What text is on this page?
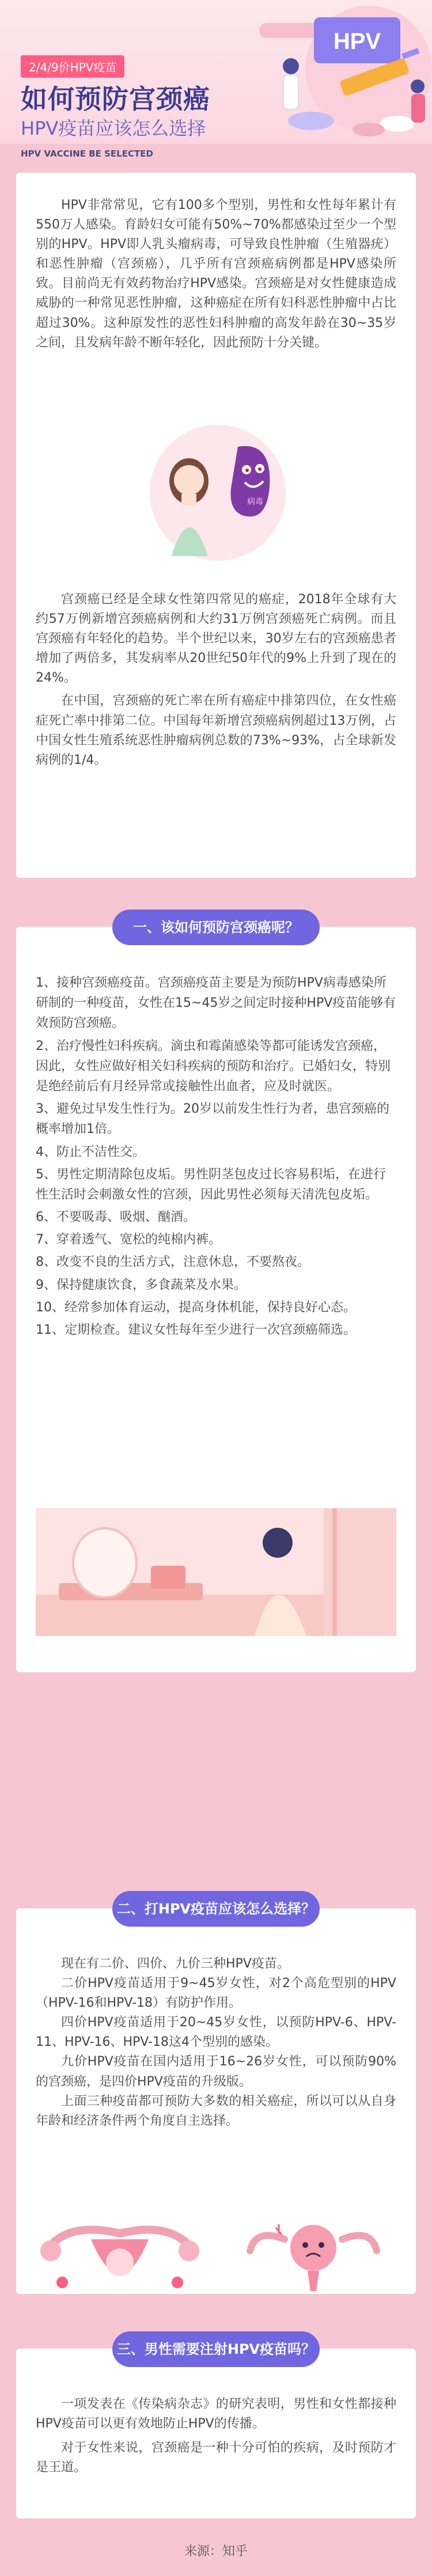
2/4/9价HPV疫苗
如何预防宫颈癌
HPV疫苗应该怎么选择
HPV
HPV VACCINE BE SELECTED

HPV非常常见，它有100多个型别，男性和女性每年累计有550万人感染。育龄妇女可能有50%~70%都感染过至少一个型别的HPV。HPV即人乳头瘤病毒，可导致良性肿瘤（生殖器疣）和恶性肿瘤（宫颈癌），几乎所有宫颈癌病例都是HPV感染所致。目前尚无有效药物治疗HPV感染。宫颈癌是对女性健康造成威胁的一种常见恶性肿瘤，这种癌症在所有妇科恶性肿瘤中占比超过30%。这种原发性的恶性妇科肿瘤的高发年龄在30~35岁之间，且发病年龄不断年轻化，因此预防十分关键。

病毒

宫颈癌已经是全球女性第四常见的癌症，2018年全球有大约57万例新增宫颈癌病例和大约31万例宫颈癌死亡病例。而且宫颈癌有年轻化的趋势。半个世纪以来，30岁左右的宫颈癌患者增加了两倍多，其发病率从20世纪50年代的9%上升到了现在的24%。

在中国，宫颈癌的死亡率在所有癌症中排第四位，在女性癌症死亡率中排第二位。中国每年新增宫颈癌病例超过13万例，占中国女性生殖系统恶性肿瘤病例总数的73%~93%，占全球新发病例的1/4。

1、接种宫颈癌疫苗。宫颈癌疫苗主要是为预防HPV病毒感染所研制的一种疫苗，女性在15~45岁之间定时接种HPV疫苗能够有效预防宫颈癌。
2、治疗慢性妇科疾病。滴虫和霉菌感染等都可能诱发宫颈癌，因此，女性应做好相关妇科疾病的预防和治疗。已婚妇女，特别是绝经前后有月经异常或接触性出血者，应及时就医。
3、避免过早发生性行为。20岁以前发生性行为者，患宫颈癌的概率增加1倍。
4、防止不洁性交。
5、男性定期清除包皮垢。男性阴茎包皮过长容易积垢，在进行性生活时会刺激女性的宫颈，因此男性必须每天清洗包皮垢。
6、不要吸毒、吸烟、酗酒。
7、穿着透气、宽松的纯棉内裤。
8、改变不良的生活方式，注意休息，不要熬夜。
9、保持健康饮食，多食蔬菜及水果。
10、经常参加体育运动，提高身体机能，保持良好心态。
11、定期检查。建议女性每年至少进行一次宫颈癌筛选。
一、该如何预防宫颈癌呢？

现在有二价、四价、九价三种HPV疫苗。

二价HPV疫苗适用于9~45岁女性，对2个高危型别的HPV（HPV-16和HPV-18）有防护作用。

四价HPV疫苗适用于20~45岁女性，以预防HPV-6、HPV-11、HPV-16、HPV-18这4个型别的感染。

九价HPV疫苗在国内适用于16~26岁女性，可以预防90%的宫颈癌，是四价HPV疫苗的升级版。

上面三种疫苗都可预防大多数的相关癌症，所以可以从自身年龄和经济条件两个角度自主选择。

二、打HPV疫苗应该怎么选择？

一项发表在《传染病杂志》的研究表明，男性和女性都接种HPV疫苗可以更有效地防止HPV的传播。

对于女性来说，宫颈癌是一种十分可怕的疾病，及时预防才是王道。

三、男性需要注射HPV疫苗吗？
来源：知乎
